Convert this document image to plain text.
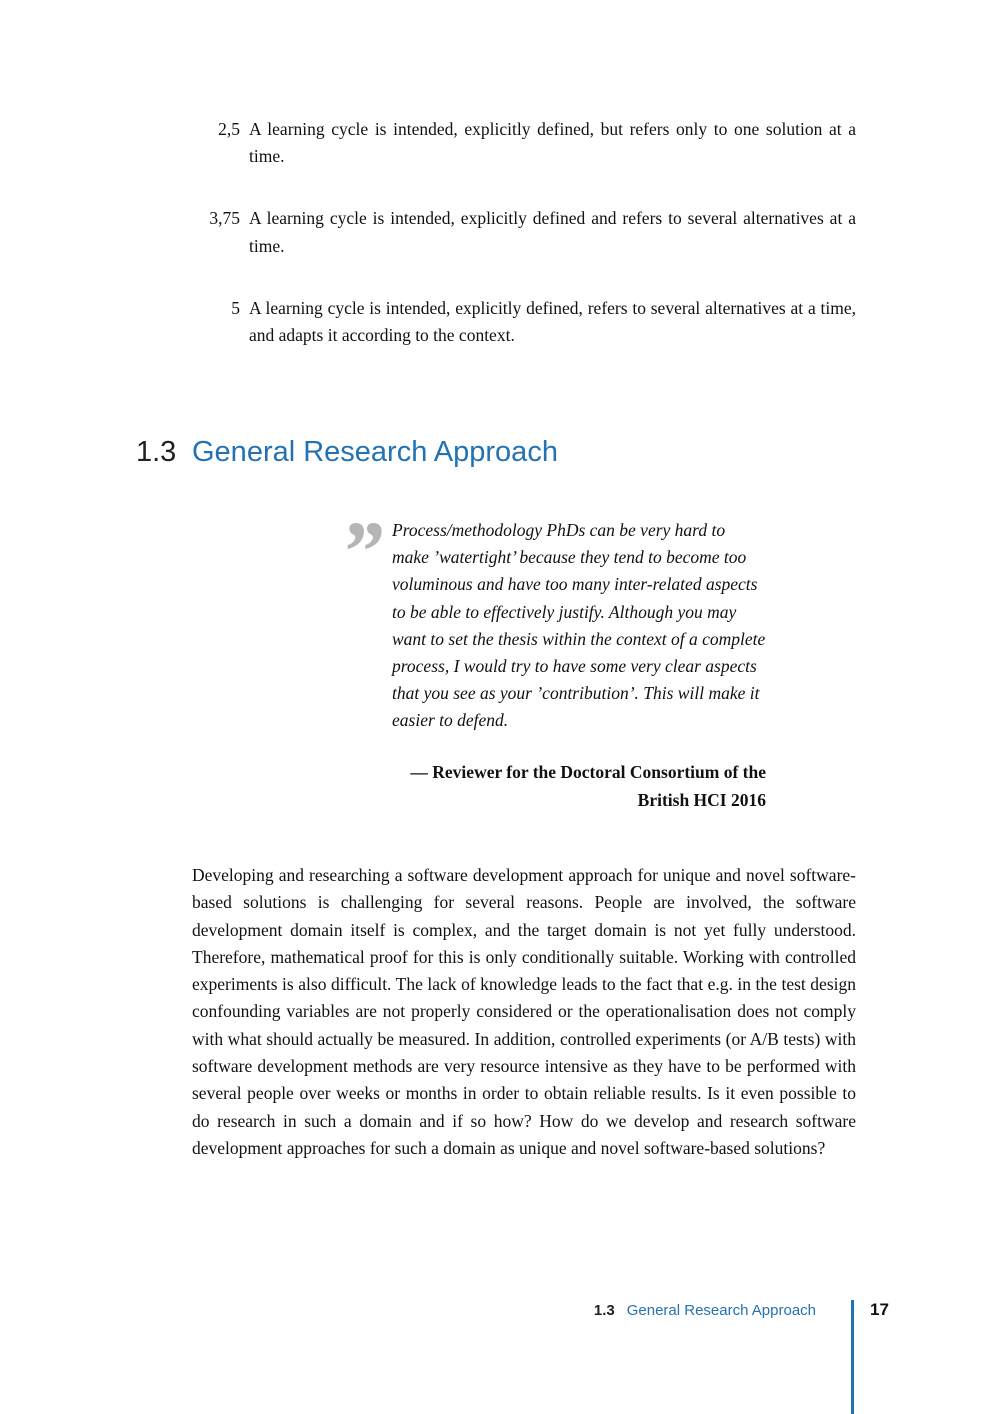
2,5 A learning cycle is intended, explicitly defined, but refers only to one solution at a time.
3,75 A learning cycle is intended, explicitly defined and refers to several alternatives at a time.
5 A learning cycle is intended, explicitly defined, refers to several alternatives at a time, and adapts it according to the context.
1.3 General Research Approach
” Process/methodology PhDs can be very hard to make ’watertight’ because they tend to become too voluminous and have too many inter-related aspects to be able to effectively justify. Although you may want to set the thesis within the context of a complete process, I would try to have some very clear aspects that you see as your ’contribution’. This will make it easier to defend.

— Reviewer for the Doctoral Consortium of the British HCI 2016

Developing and researching a software development approach for unique and novel software-based solutions is challenging for several reasons. People are involved, the software development domain itself is complex, and the target domain is not yet fully understood. Therefore, mathematical proof for this is only conditionally suitable. Working with controlled experiments is also difficult. The lack of knowledge leads to the fact that e.g. in the test design confounding variables are not properly considered or the operationalisation does not comply with what should actually be measured. In addition, controlled experiments (or A/B tests) with software development methods are very resource intensive as they have to be performed with several people over weeks or months in order to obtain reliable results. Is it even possible to do research in such a domain and if so how? How do we develop and research software development approaches for such a domain as unique and novel software-based solutions?

1.3 General Research Approach	17
